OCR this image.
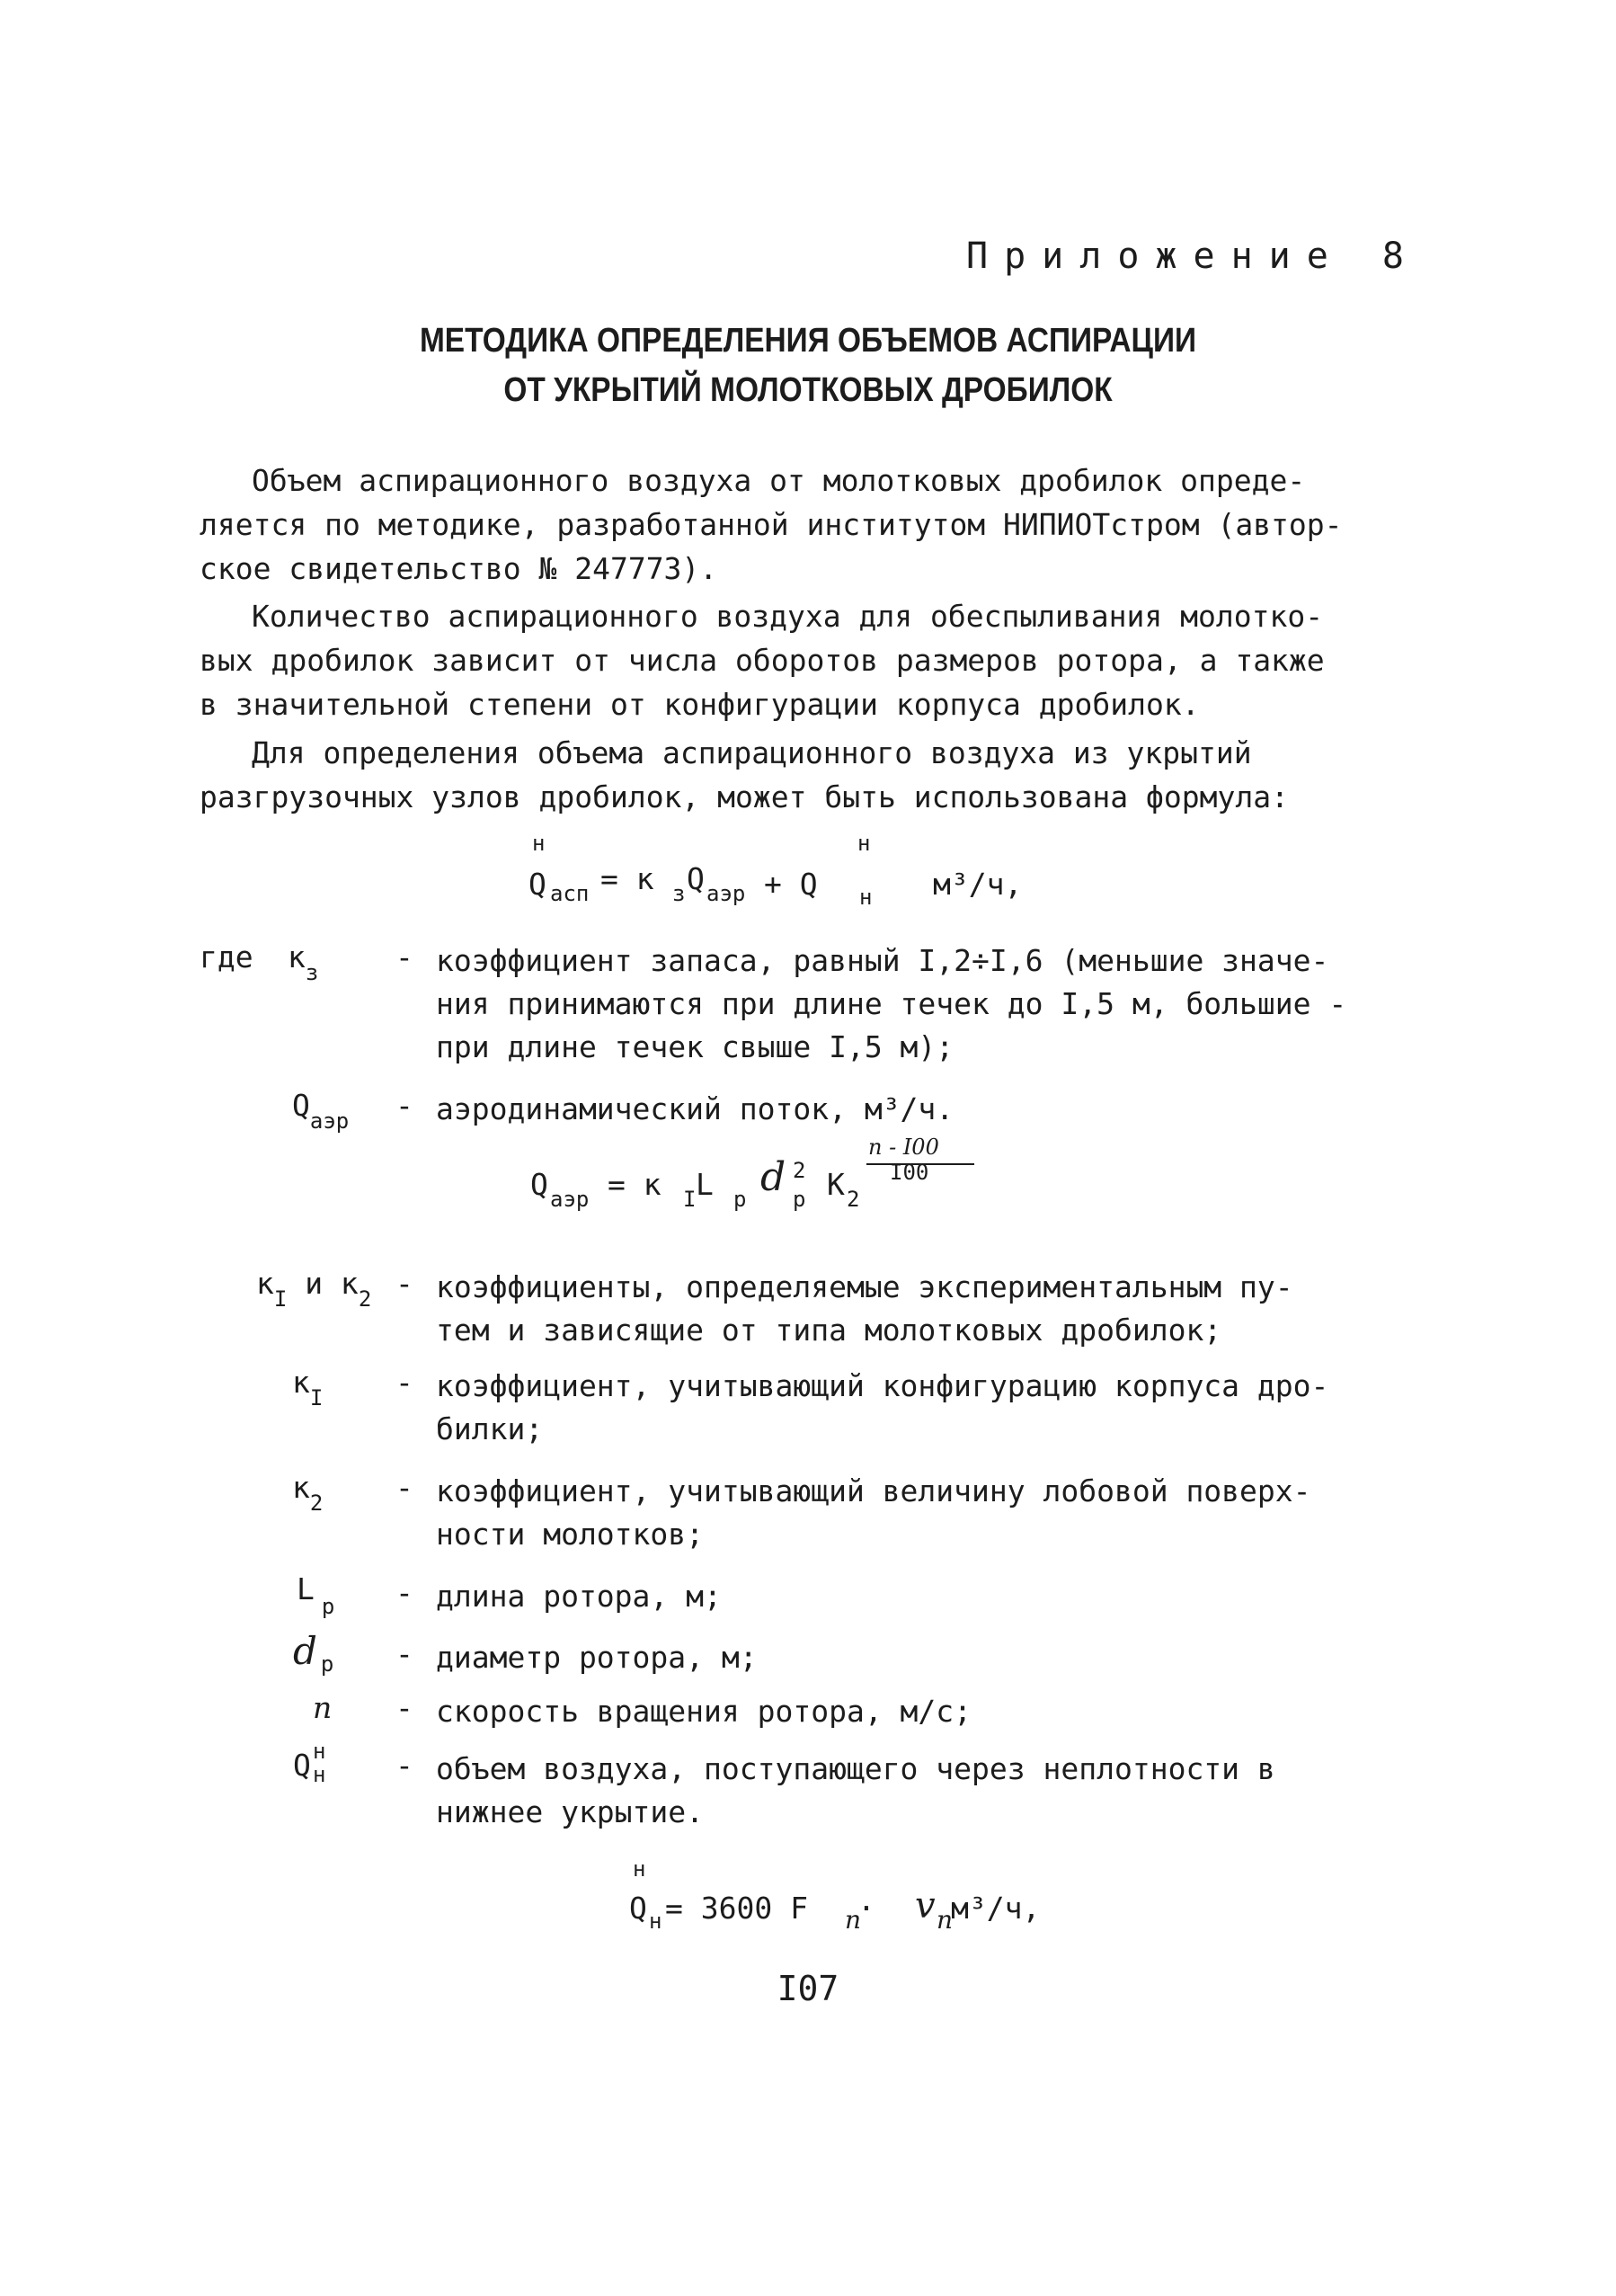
Приложение 8
МЕТОДИКА ОПРЕДЕЛЕНИЯ ОБЪЕМОВ АСПИРАЦИИ
ОТ УКРЫТИЙ МОЛОТКОВЫХ ДРОБИЛОК
Объем аспирационного воздуха от молотковых дробилок опреде-
ляется по методике, разработанной институтом НИПИОТстром (автор-
ское свидетельство № 247773).
Количество аспирационного воздуха для обеспыливания молотко-
вых дробилок зависит от числа оборотов размеров ротора, а также
в значительной степени от конфигурации корпуса дробилок.
Для определения объема аспирационного воздуха из укрытий
разгрузочных узлов дробилок, может быть использована формула:
н
Q асп = к з Q аэр + Q
н
н м³/ч,
где $к_з$	- коэффициент запаса, равный I,2÷I,6 (меньшие значе-
ния принимаются при длине течек до I,5 м, большие -
при длине течек свыше I,5 м);
$Q_{аэр}$ - аэродинамический поток, м³/ч.
Q аэр = к I L р d 2
р К 2
n - I00
I00
$к_I$ и $к_2$ - коэффициенты, определяемые экспериментальным пу-
тем и зависящие от типа молотковых дробилок;
$к_I$ - коэффициент, учитывающий конфигурацию корпуса дро-
билки;
$к_2$ - коэффициент, учитывающий величину лобовой поверх-
ности молотков;
L $_р$ - длина ротора, м;
d $_р$ - диаметр ротора, м;
n - скорость вращения ротора, м/с;
Q н
н - объем воздуха, поступающего через неплотности в
нижнее укрытие.
н
Q н = 3600 F n
· v n
м³/ч,
I07
